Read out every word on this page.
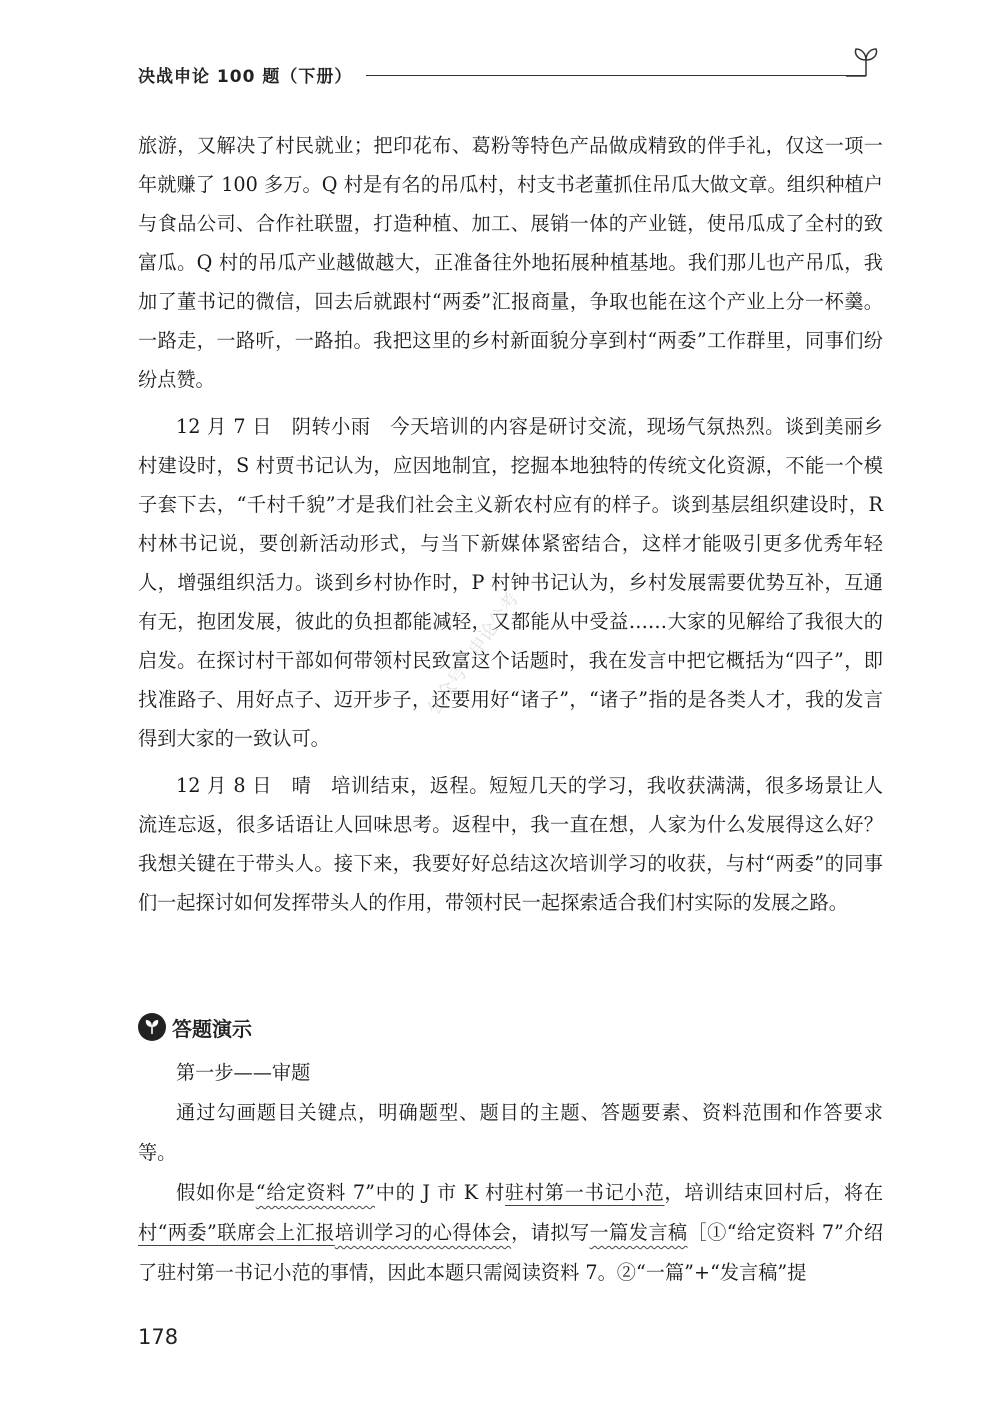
决战申论 100 题（下册）

旅游，又解决了村民就业；把印花布、葛粉等特色产品做成精致的伴手礼，仅这一项一年就赚了 100 多万。Q 村是有名的吊瓜村，村支书老董抓住吊瓜大做文章。组织种植户与食品公司、合作社联盟，打造种植、加工、展销一体的产业链，使吊瓜成了全村的致富瓜。Q 村的吊瓜产业越做越大，正准备往外地拓展种植基地。我们那儿也产吊瓜，我加了董书记的微信，回去后就跟村“两委”汇报商量，争取也能在这个产业上分一杯羹。一路走，一路听，一路拍。我把这里的乡村新面貌分享到村“两委”工作群里，同事们纷纷点赞。

12 月 7 日　阴转小雨　今天培训的内容是研讨交流，现场气氛热烈。谈到美丽乡村建设时，S 村贾书记认为，应因地制宜，挖掘本地独特的传统文化资源，不能一个模子套下去，“千村千貌”才是我们社会主义新农村应有的样子。谈到基层组织建设时，R 村林书记说，要创新活动形式，与当下新媒体紧密结合，这样才能吸引更多优秀年轻人，增强组织活力。谈到乡村协作时，P 村钟书记认为，乡村发展需要优势互补，互通有无，抱团发展，彼此的负担都能减轻，又都能从中受益……大家的见解给了我很大的启发。在探讨村干部如何带领村民致富这个话题时，我在发言中把它概括为“四子”，即找准路子、用好点子、迈开步子，还要用好“诸子”，“诸子”指的是各类人才，我的发言得到大家的一致认可。

12 月 8 日　晴　培训结束，返程。短短几天的学习，我收获满满，很多场景让人流连忘返，很多话语让人回味思考。返程中，我一直在想，人家为什么发展得这么好？我想关键在于带头人。接下来，我要好好总结这次培训学习的收获，与村“两委”的同事们一起探讨如何发挥带头人的作用，带领村民一起探索适合我们村实际的发展之路。

公众号：申论公考
答题演示

第一步——审题

通过勾画题目关键点，明确题型、题目的主题、答题要素、资料范围和作答要求等。

假如你是“给定资料 7”中的 J 市 K 村驻村第一书记小范，培训结束回村后，将在村“两委”联席会上汇报培训学习的心得体会，请拟写一篇发言稿［①“给定资料 7”介绍了驻村第一书记小范的事情，因此本题只需阅读资料 7。②“一篇”+“发言稿”提

178
